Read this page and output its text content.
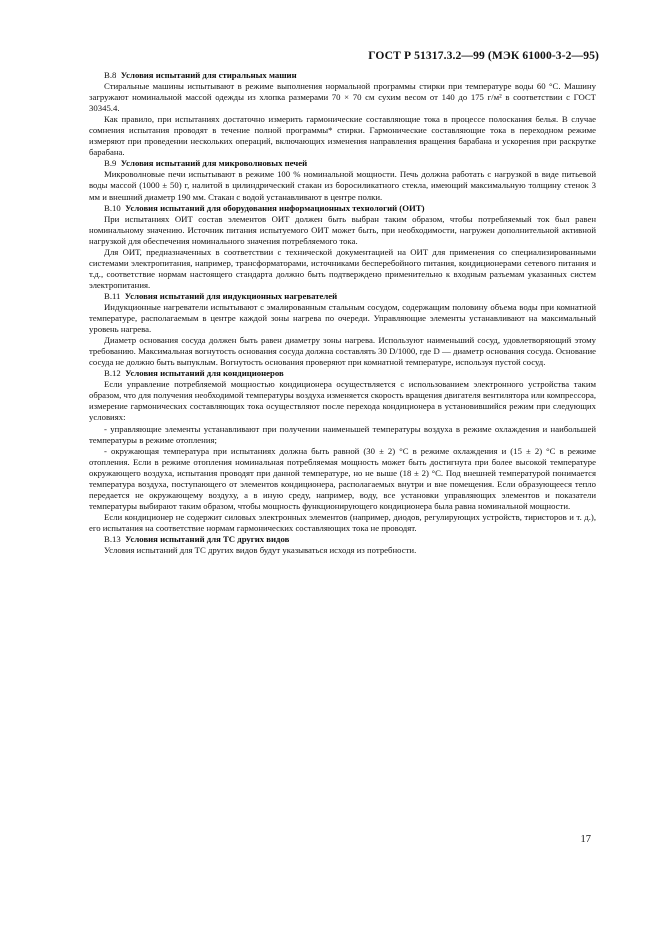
ГОСТ Р 51317.3.2—99 (МЭК 61000-3-2—95)

В.8 Условия испытаний для стиральных машин

Стиральные машины испытывают в режиме выполнения нормальной программы стирки при температуре воды 60 °С. Машину загружают номинальной массой одежды из хлопка размерами 70 × 70 см сухим весом от 140 до 175 г/м² в соответствии с ГОСТ 30345.4.

Как правило, при испытаниях достаточно измерить гармонические составляющие тока в процессе полоскания белья. В случае сомнения испытания проводят в течение полной программы* стирки. Гармонические составляющие тока в переходном режиме измеряют при проведении нескольких операций, включающих изменения направления вращения барабана и ускорения при раскрутке барабана.

В.9 Условия испытаний для микроволновых печей

Микроволновые печи испытывают в режиме 100 % номинальной мощности. Печь должна работать с нагрузкой в виде питьевой воды массой (1000 ± 50) г, налитой в цилиндрический стакан из боросиликатного стекла, имеющий максимальную толщину стенок 3 мм и внешний диаметр 190 мм. Стакан с водой устанавливают в центре полки.

В.10 Условия испытаний для оборудования информационных технологий (ОИТ)

При испытаниях ОИТ состав элементов ОИТ должен быть выбран таким образом, чтобы потребляемый ток был равен номинальному значению. Источник питания испытуемого ОИТ может быть, при необходимости, нагружен дополнительной активной нагрузкой для обеспечения номинального значения потребляемого тока.

Для ОИТ, предназначенных в соответствии с технической документацией на ОИТ для применения со специализированными системами электропитания, например, трансформаторами, источниками бесперебойного питания, кондиционерами сетевого питания и т.д., соответствие нормам настоящего стандарта должно быть подтверждено применительно к входным разъемам указанных систем электропитания.

В.11 Условия испытаний для индукционных нагревателей

Индукционные нагреватели испытывают с эмалированным стальным сосудом, содержащим половину объема воды при комнатной температуре, располагаемым в центре каждой зоны нагрева по очереди. Управляющие элементы устанавливают на максимальный уровень нагрева.

Диаметр основания сосуда должен быть равен диаметру зоны нагрева. Используют наименьший сосуд, удовлетворяющий этому требованию. Максимальная вогнутость основания сосуда должна составлять 30 D/1000, где D — диаметр основания сосуда. Основание сосуда не должно быть выпуклым. Вогнутость основания проверяют при комнатной температуре, используя пустой сосуд.

В.12 Условия испытаний для кондиционеров

Если управление потребляемой мощностью кондиционера осуществляется с использованием электронного устройства таким образом, что для получения необходимой температуры воздуха изменяется скорость вращения двигателя вентилятора или компрессора, измерение гармонических составляющих тока осуществляют после перехода кондиционера в установившийся режим при следующих условиях:

- управляющие элементы устанавливают при получении наименьшей температуры воздуха в режиме охлаждения и наибольшей температуры в режиме отопления;

- окружающая температура при испытаниях должна быть равной (30 ± 2) °С в режиме охлаждения и (15 ± 2) °С в режиме отопления. Если в режиме отопления номинальная потребляемая мощность может быть достигнута при более высокой температуре окружающего воздуха, испытания проводят при данной температуре, но не выше (18 ± 2) °С. Под внешней температурой понимается температура воздуха, поступающего от элементов кондиционера, располагаемых внутри и вне помещения. Если образующееся тепло передается не окружающему воздуху, а в иную среду, например, воду, все установки управляющих элементов и показатели температуры выбирают таким образом, чтобы мощность функционирующего кондиционера была равна номинальной мощности.

Если кондиционер не содержит силовых электронных элементов (например, диодов, регулирующих устройств, тиристоров и т. д.), его испытания на соответствие нормам гармонических составляющих тока не проводят.

В.13 Условия испытаний для ТС других видов

Условия испытаний для ТС других видов будут указываться исходя из потребности.

17
